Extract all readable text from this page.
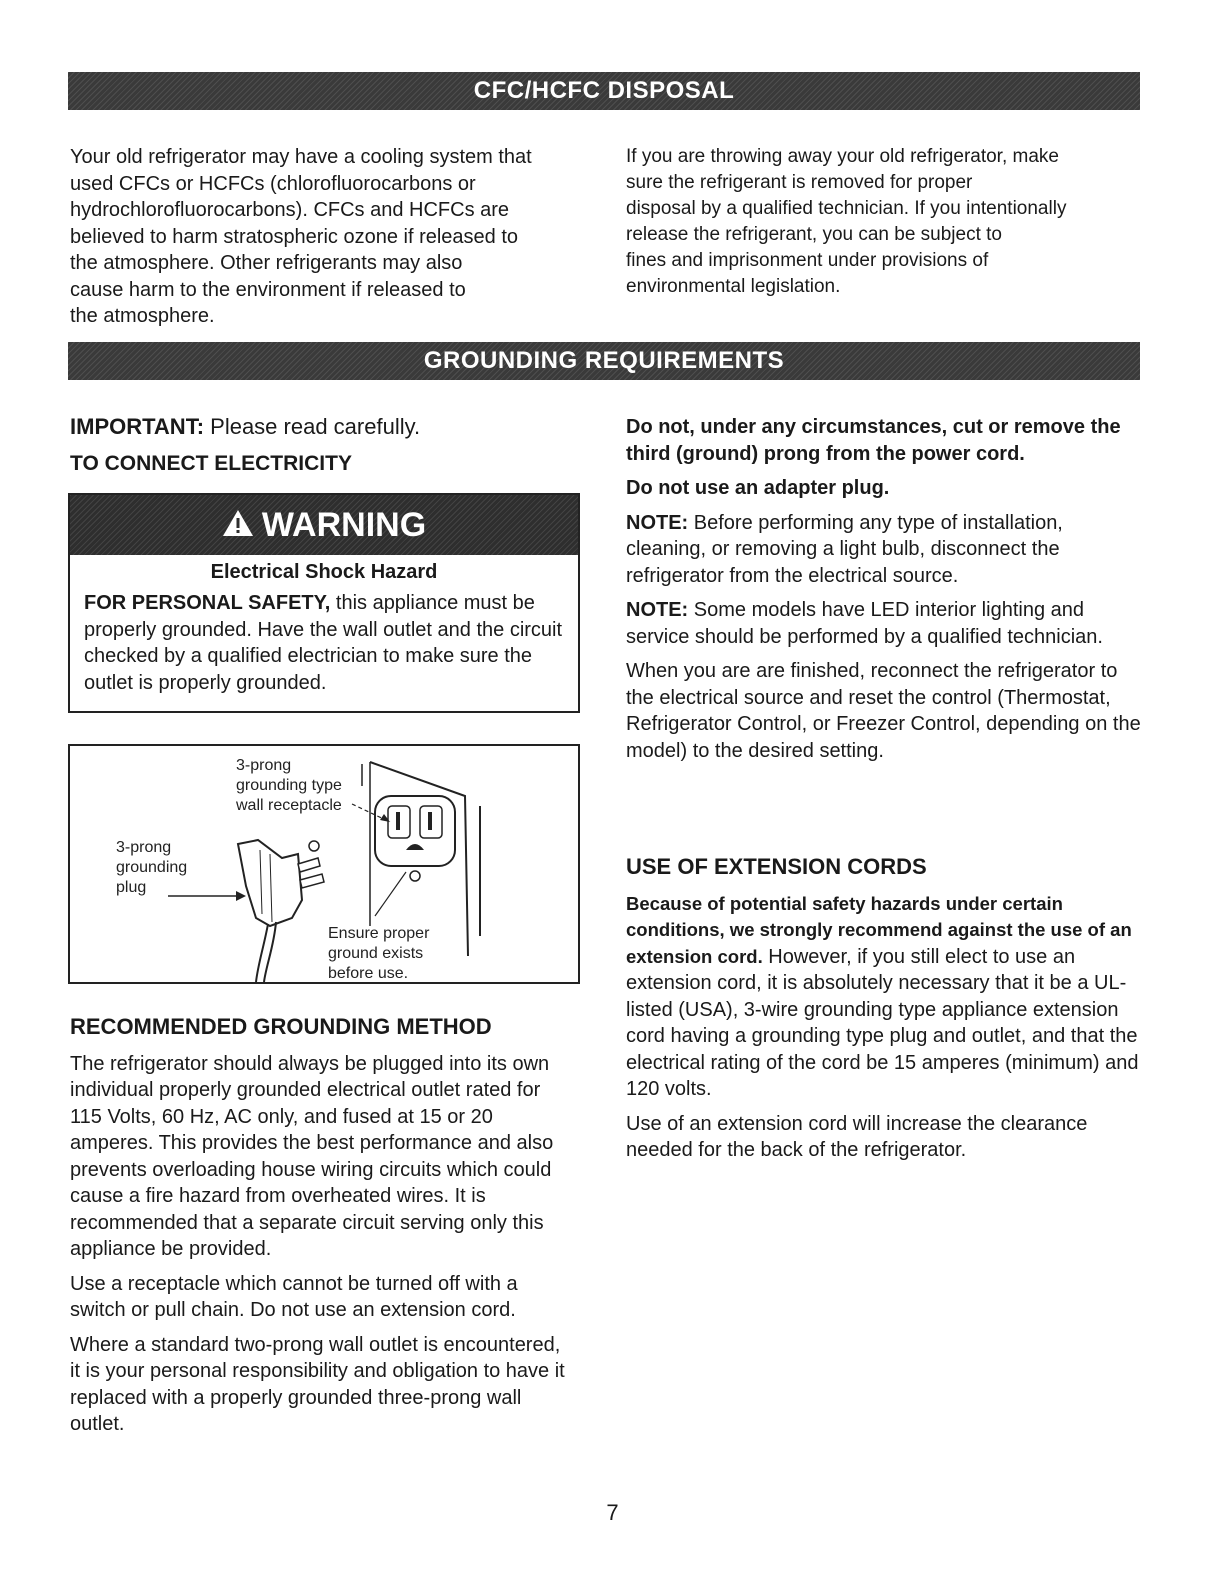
CFC/HCFC DISPOSAL
Your old refrigerator may have a cooling system that
used CFCs or HCFCs (chlorofluorocarbons or
hydrochlorofluorocarbons). CFCs and HCFCs are
believed to harm stratospheric ozone if released to
the atmosphere. Other refrigerants may also
cause harm to the environment if released to
the atmosphere.
If you are throwing away your old refrigerator, make
sure the refrigerant is removed for proper
disposal by a qualified technician. If you intentionally
release the refrigerant, you can be subject to
fines and imprisonment under provisions of
environmental legislation.
GROUNDING REQUIREMENTS

IMPORTANT: Please read carefully.

TO CONNECT ELECTRICITY
WARNING
Electrical Shock Hazard
FOR PERSONAL SAFETY, this appliance must be properly grounded. Have the wall outlet and the circuit checked by a qualified electrician to make sure the outlet is properly grounded.
3-prong
grounding type
wall receptacle
3-prong
grounding
plug
Ensure proper
ground exists
before use.
RECOMMENDED GROUNDING METHOD

The refrigerator should always be plugged into its own individual properly grounded electrical outlet rated for 115 Volts, 60 Hz, AC only, and fused at 15 or 20 amperes. This provides the best performance and also prevents overloading house wiring circuits which could cause a fire hazard from overheated wires. It is recommended that a separate circuit serving only this appliance be provided.

Use a receptacle which cannot be turned off with a switch or pull chain. Do not use an extension cord.

Where a standard two-prong wall outlet is encountered, it is your personal responsibility and obligation to have it replaced with a properly grounded three-prong wall outlet.

Do not, under any circumstances, cut or remove the third (ground) prong from the power cord.

Do not use an adapter plug.

NOTE: Before performing any type of installation, cleaning, or removing a light bulb, disconnect the refrigerator from the electrical source.

NOTE: Some models have LED interior lighting and service should be performed by a qualified technician.

When you are are finished, reconnect the refrigerator to the electrical source and reset the control (Thermostat, Refrigerator Control, or Freezer Control, depending on the model) to the desired setting.

USE OF EXTENSION CORDS

Because of potential safety hazards under certain conditions, we strongly recommend against the use of an extension cord. However, if you still elect to use an extension cord, it is absolutely necessary that it be a UL-listed (USA), 3-wire grounding type appliance extension cord having a grounding type plug and outlet, and that the electrical rating of the cord be 15 amperes (minimum) and 120 volts.

Use of an extension cord will increase the clearance needed for the back of the refrigerator.

7
